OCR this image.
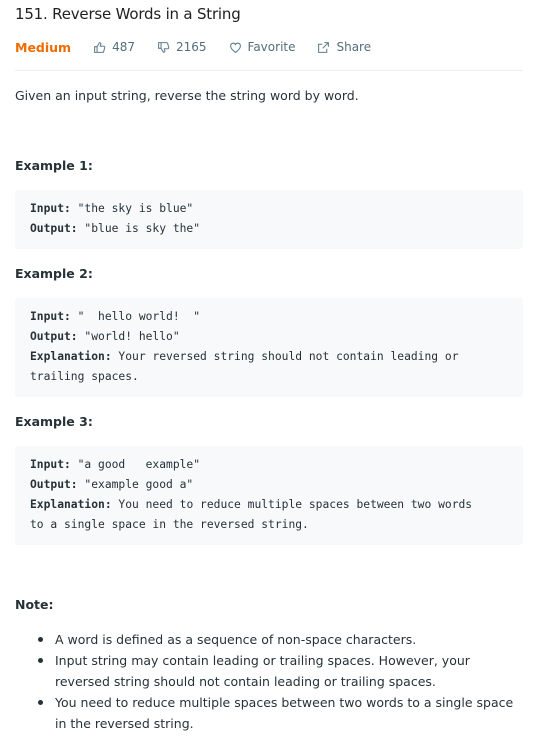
151. Reverse Words in a String
Medium	487	2165	Favorite	Share
Given an input string, reverse the string word by word.
Example 1:
Input: "the sky is blue"
Output: "blue is sky the"
Example 2:
Input: "  hello world!  "
Output: "world! hello"
Explanation: Your reversed string should not contain leading or
trailing spaces.
Example 3:
Input: "a good   example"
Output: "example good a"
Explanation: You need to reduce multiple spaces between two words
to a single space in the reversed string.
Note:
A word is defined as a sequence of non-space characters.
Input string may contain leading or trailing spaces. However, your reversed string should not contain leading or trailing spaces.
You need to reduce multiple spaces between two words to a single space in the reversed string.
